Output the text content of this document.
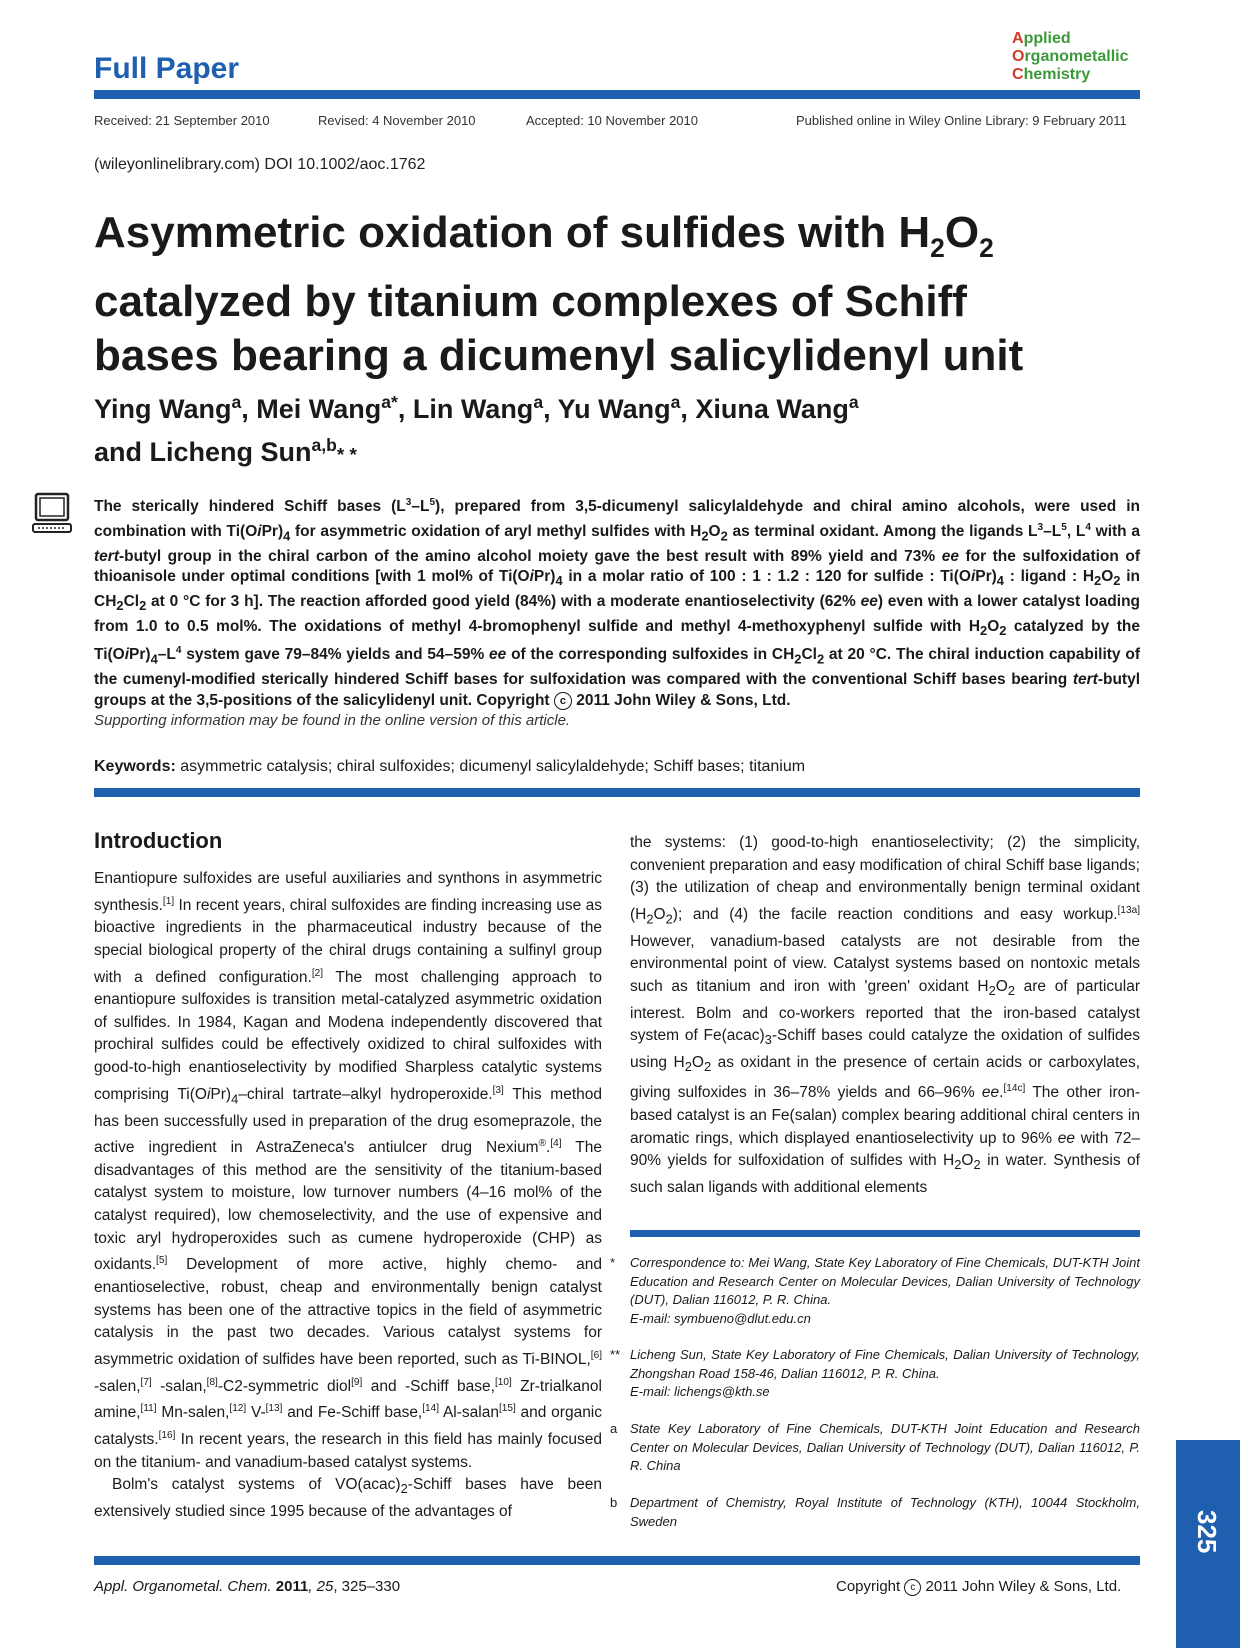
Full Paper
Applied
Organometallic
Chemistry
Received: 21 September 2010	Revised: 4 November 2010	Accepted: 10 November 2010	Published online in Wiley Online Library: 9 February 2011
(wileyonlinelibrary.com) DOI 10.1002/aoc.1762
Asymmetric oxidation of sulfides with $H_2O_2$
catalyzed by titanium complexes of Schiff
bases bearing a dicumenyl salicylidenyl unit
Ying Wang$^a$, Mei Wang$^{a*}$, Lin Wang$^a$, Yu Wang$^a$, Xiuna Wang$^a$
and Licheng Sun$^{a,b}$* *
The sterically hindered Schiff bases $(L^3-L^5)$, prepared from 3,5-dicumenyl salicylaldehyde and chiral amino alcohols, were used in combination with $Ti(OiPr)_4$ for asymmetric oxidation of aryl methyl sulfides with $H_2O_2$ as terminal oxidant. Among the ligands $L^3-L^5$, $L^4$ with a tert-butyl group in the chiral carbon of the amino alcohol moiety gave the best result with 89% yield and 73% ee for the sulfoxidation of thioanisole under optimal conditions [with 1 mol% of $Ti(OiPr)_4$ in a molar ratio of 100 : 1 : 1.2 : 120 for sulfide : $Ti(OiPr)_4$ : ligand : $H_2O_2$ in $CH_2Cl_2$ at 0 °C for 3 h]. The reaction afforded good yield (84%) with a moderate enantioselectivity (62% ee) even with a lower catalyst loading from 1.0 to 0.5 mol%. The oxidations of methyl 4-bromophenyl sulfide and methyl 4-methoxyphenyl sulfide with $H_2O_2$ catalyzed by the $Ti(OiPr)_4-L^4$ system gave 79–84% yields and 54–59% ee of the corresponding sulfoxides in $CH_2Cl_2$ at 20 °C. The chiral induction capability of the cumenyl-modified sterically hindered Schiff bases for sulfoxidation was compared with the conventional Schiff bases bearing tert-butyl groups at the 3,5-positions of the salicylidenyl unit. Copyright c 2011 John Wiley & Sons, Ltd.
Supporting information may be found in the online version of this article.
Keywords: asymmetric catalysis; chiral sulfoxides; dicumenyl salicylaldehyde; Schiff bases; titanium
Introduction

Enantiopure sulfoxides are useful auxiliaries and synthons in asymmetric synthesis.[1] In recent years, chiral sulfoxides are finding increasing use as bioactive ingredients in the pharmaceutical industry because of the special biological property of the chiral drugs containing a sulfinyl group with a defined configuration.[2] The most challenging approach to enantiopure sulfoxides is transition metal-catalyzed asymmetric oxidation of sulfides. In 1984, Kagan and Modena independently discovered that prochiral sulfides could be effectively oxidized to chiral sulfoxides with good-to-high enantioselectivity by modified Sharpless catalytic systems comprising $Ti(OiPr)_4$–chiral tartrate–alkyl hydroperoxide.[3] This method has been successfully used in preparation of the drug esomeprazole, the active ingredient in AstraZeneca's antiulcer drug Nexium®.[4] The disadvantages of this method are the sensitivity of the titanium-based catalyst system to moisture, low turnover numbers (4–16 mol% of the catalyst required), low chemoselectivity, and the use of expensive and toxic aryl hydroperoxides such as cumene hydroperoxide (CHP) as oxidants.[5] Development of more active, highly chemo- and enantioselective, robust, cheap and environmentally benign catalyst systems has been one of the attractive topics in the field of asymmetric catalysis in the past two decades. Various catalyst systems for asymmetric oxidation of sulfides have been reported, such as Ti-BINOL,[6] -salen,[7] -salan,[8]-C2-symmetric diol[9] and -Schiff base,[10] Zr-trialkanol amine,[11] Mn-salen,[12] V-[13] and Fe-Schiff base,[14] Al-salan[15] and organic catalysts.[16] In recent years, the research in this field has mainly focused on the titanium- and vanadium-based catalyst systems.

Bolm's catalyst systems of $VO(acac)_2$-Schiff bases have been extensively studied since 1995 because of the advantages of

the systems: (1) good-to-high enantioselectivity; (2) the simplicity, convenient preparation and easy modification of chiral Schiff base ligands; (3) the utilization of cheap and environmentally benign terminal oxidant $(H_2O_2)$; and (4) the facile reaction conditions and easy workup.[13a] However, vanadium-based catalysts are not desirable from the environmental point of view. Catalyst systems based on nontoxic metals such as titanium and iron with 'green' oxidant $H_2O_2$ are of particular interest. Bolm and co-workers reported that the iron-based catalyst system of $Fe(acac)_3$-Schiff bases could catalyze the oxidation of sulfides using $H_2O_2$ as oxidant in the presence of certain acids or carboxylates, giving sulfoxides in 36–78% yields and 66–96% ee.[14c] The other iron-based catalyst is an Fe(salan) complex bearing additional chiral centers in aromatic rings, which displayed enantioselectivity up to 96% ee with 72–90% yields for sulfoxidation of sulfides with $H_2O_2$ in water. Synthesis of such salan ligands with additional elements

* Correspondence to: Mei Wang, State Key Laboratory of Fine Chemicals, DUT-KTH Joint Education and Research Center on Molecular Devices, Dalian University of Technology (DUT), Dalian 116012, P. R. China.
E-mail: symbueno@dlut.edu.cn
** Licheng Sun, State Key Laboratory of Fine Chemicals, Dalian University of Technology, Zhongshan Road 158-46, Dalian 116012, P. R. China.
E-mail: lichengs@kth.se
a State Key Laboratory of Fine Chemicals, DUT-KTH Joint Education and Research Center on Molecular Devices, Dalian University of Technology (DUT), Dalian 116012, P. R. China
b Department of Chemistry, Royal Institute of Technology (KTH), 10044 Stockholm, Sweden
Appl. Organometal. Chem. 2011, 25, 325–330	Copyright c 2011 John Wiley & Sons, Ltd.
325
